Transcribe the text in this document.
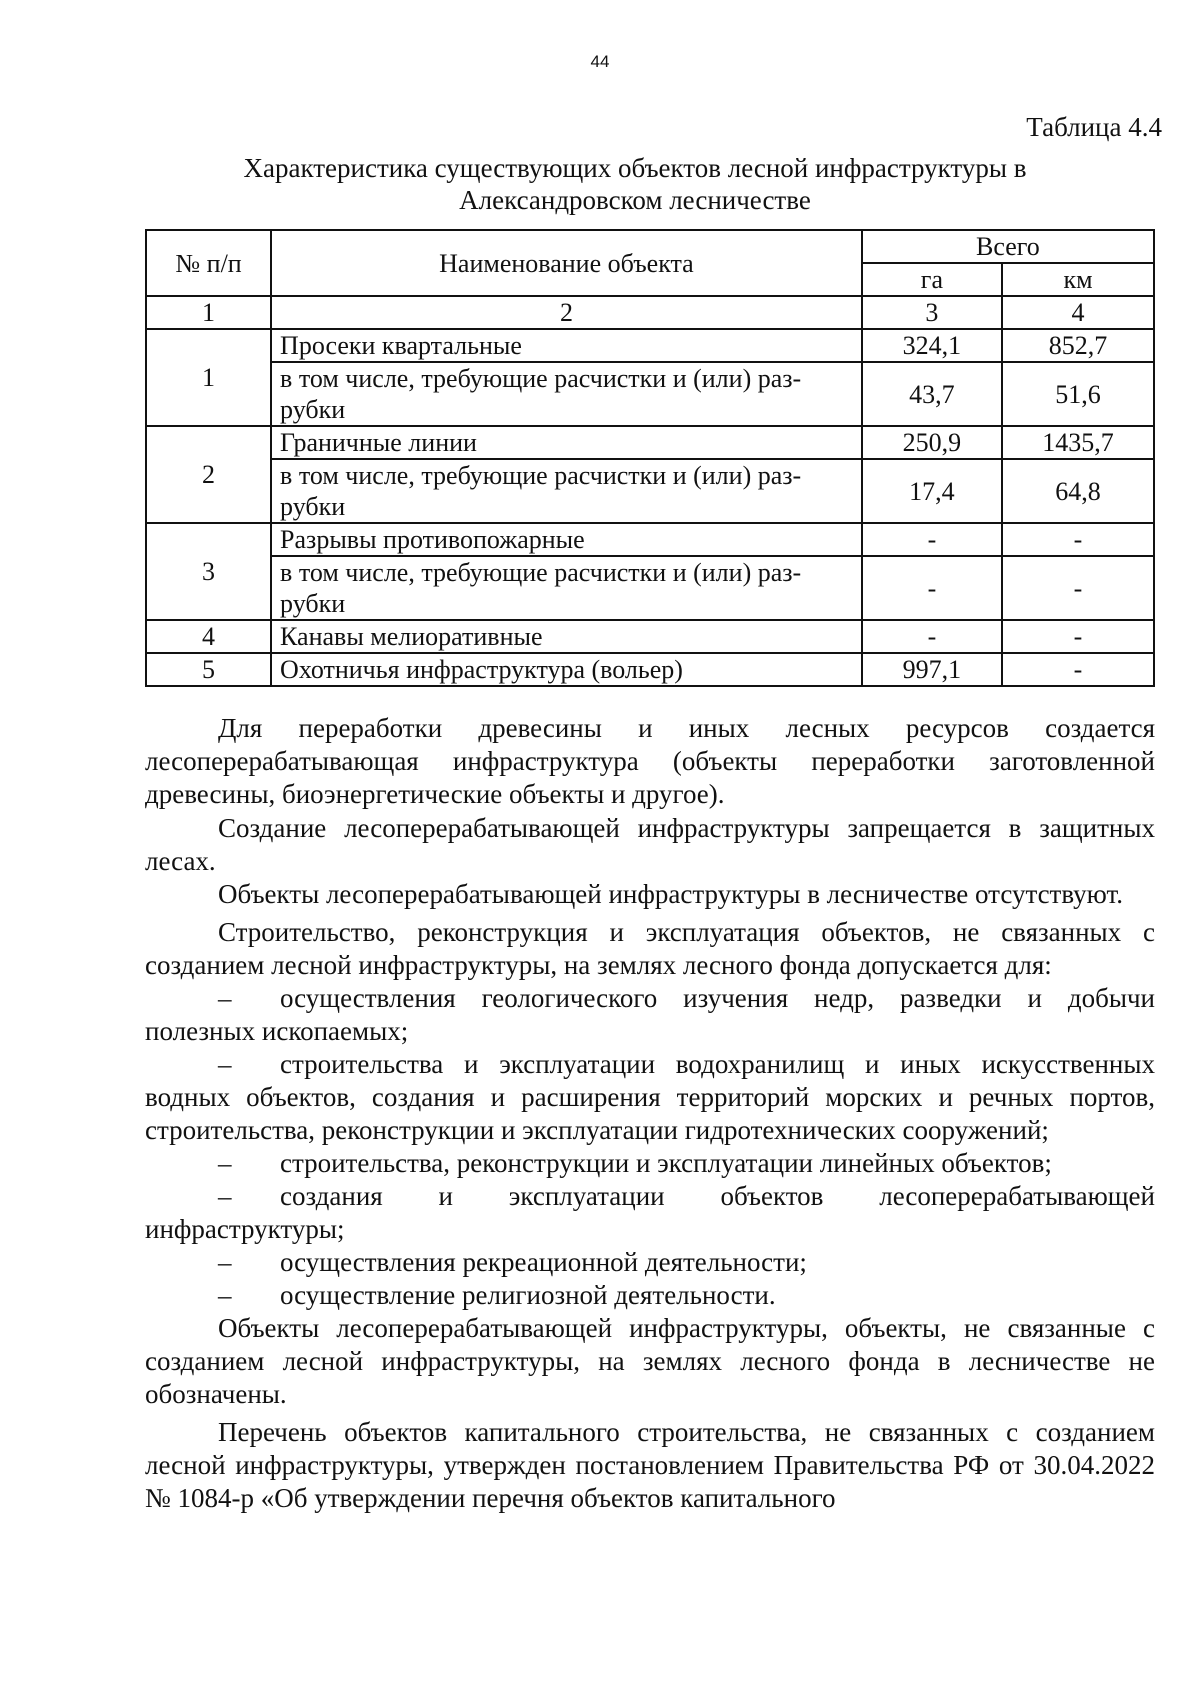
44
Таблица 4.4
Характеристика существующих объектов лесной инфраструктуры в Александровском лесничестве
№ п/п	Наименование объекта	Всего	
		га	км
1	2	3	4
1	Просеки квартальные	324,1	852,7
	в том числе, требующие расчистки и (или) раз-рубки	43,7	51,6
2	Граничные линии	250,9	1435,7
	в том числе, требующие расчистки и (или) раз-рубки	17,4	64,8
3	Разрывы противопожарные	-	-
	в том числе, требующие расчистки и (или) раз-рубки	-	-
4	Канавы мелиоративные	-	-
5	Охотничья инфраструктура (вольер)	997,1	-

Для переработки древесины и иных лесных ресурсов создается лесоперерабатывающая инфраструктура (объекты переработки заготовленной древесины, биоэнергетические объекты и другое).

Создание лесоперерабатывающей инфраструктуры запрещается в защитных лесах.

Объекты лесоперерабатывающей инфраструктуры в лесничестве отсутствуют.

Строительство, реконструкция и эксплуатация объектов, не связанных с созданием лесной инфраструктуры, на землях лесного фонда допускается для:

– осуществления геологического изучения недр, разведки и добычи полезных ископаемых;

– строительства и эксплуатации водохранилищ и иных искусственных водных объектов, создания и расширения территорий морских и речных портов, строительства, реконструкции и эксплуатации гидротехнических сооружений;

– строительства, реконструкции и эксплуатации линейных объектов;

– создания и эксплуатации объектов лесоперерабатывающей инфраструктуры;

– осуществления рекреационной деятельности;

– осуществление религиозной деятельности.

Объекты лесоперерабатывающей инфраструктуры, объекты, не связанные с созданием лесной инфраструктуры, на землях лесного фонда в лесничестве не обозначены.

Перечень объектов капитального строительства, не связанных с созданием лесной инфраструктуры, утвержден постановлением Правительства РФ от 30.04.2022 № 1084-р «Об утверждении перечня объектов капитального
